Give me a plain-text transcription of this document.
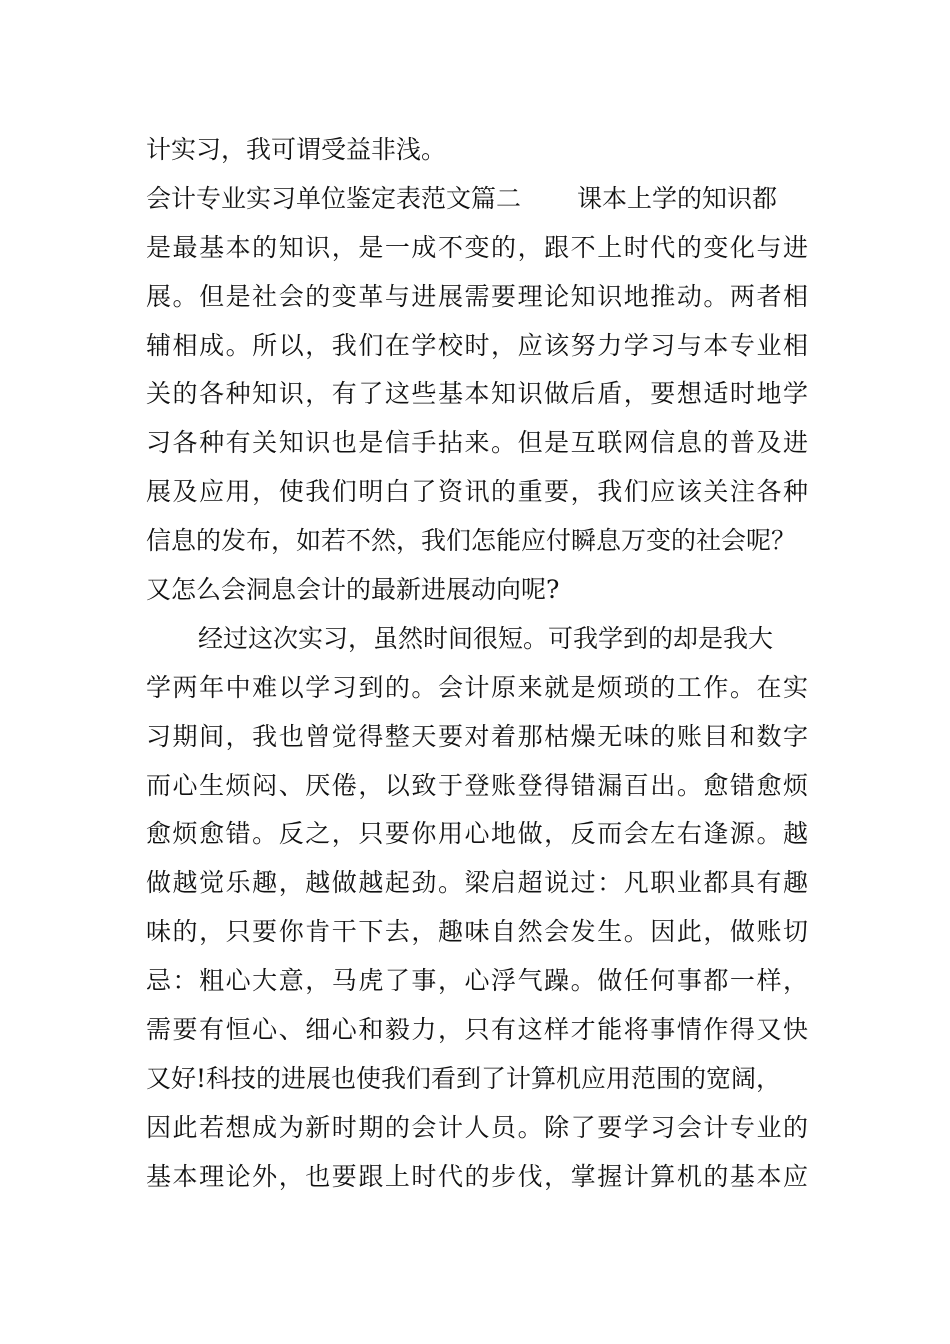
计实习，我可谓受益非浅。
会计专业实习单位鉴定表范文篇二 课本上学的知识都
是最基本的知识，是一成不变的，跟不上时代的变化与进
展。但是社会的变革与进展需要理论知识地推动。两者相
辅相成。所以，我们在学校时，应该努力学习与本专业相
关的各种知识，有了这些基本知识做后盾，要想适时地学
习各种有关知识也是信手拈来。但是互联网信息的普及进
展及应用，使我们明白了资讯的重要，我们应该关注各种
信息的发布，如若不然，我们怎能应付瞬息万变的社会呢？
又怎么会洞息会计的最新进展动向呢?
经过这次实习，虽然时间很短。可我学到的却是我大
学两年中难以学习到的。会计原来就是烦琐的工作。在实
习期间，我也曾觉得整天要对着那枯燥无味的账目和数字
而心生烦闷、厌倦，以致于登账登得错漏百出。愈错愈烦
愈烦愈错。反之，只要你用心地做，反而会左右逢源。越
做越觉乐趣，越做越起劲。梁启超说过：凡职业都具有趣
味的，只要你肯干下去，趣味自然会发生。因此，做账切
忌：粗心大意，马虎了事，心浮气躁。做任何事都一样，
需要有恒心、细心和毅力，只有这样才能将事情作得又快
又好!科技的进展也使我们看到了计算机应用范围的宽阔，
因此若想成为新时期的会计人员。除了要学习会计专业的
基本理论外，也要跟上时代的步伐，掌握计算机的基本应
